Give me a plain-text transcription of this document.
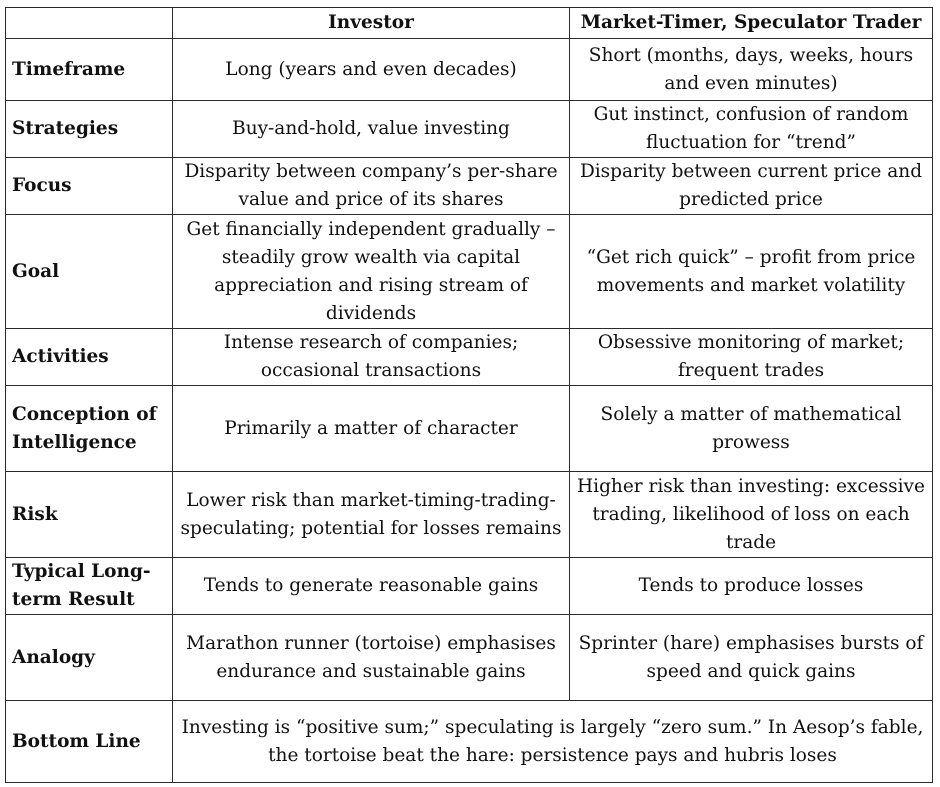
	Investor	Market-Timer, Speculator Trader
Timeframe	Long (years and even decades)	Short (months, days, weeks, hours and even minutes)
Strategies	Buy-and-hold, value investing	Gut instinct, confusion of random fluctuation for “trend”
Focus	Disparity between company’s per-share value and price of its shares	Disparity between current price and predicted price
Goal	Get financially independent gradually – steadily grow wealth via capital appreciation and rising stream of dividends	“Get rich quick” – profit from price movements and market volatility
Activities	Intense research of companies; occasional transactions	Obsessive monitoring of market; frequent trades
Conception of Intelligence	Primarily a matter of character	Solely a matter of mathematical prowess
Risk	Lower risk than market-timing-trading-speculating; potential for losses remains	Higher risk than investing: excessive trading, likelihood of loss on each trade
Typical Long-term Result	Tends to generate reasonable gains	Tends to produce losses
Analogy	Marathon runner (tortoise) emphasises endurance and sustainable gains	Sprinter (hare) emphasises bursts of speed and quick gains
Bottom Line	Investing is “positive sum;” speculating is largely “zero sum.” In Aesop’s fable, the tortoise beat the hare: persistence pays and hubris loses	
